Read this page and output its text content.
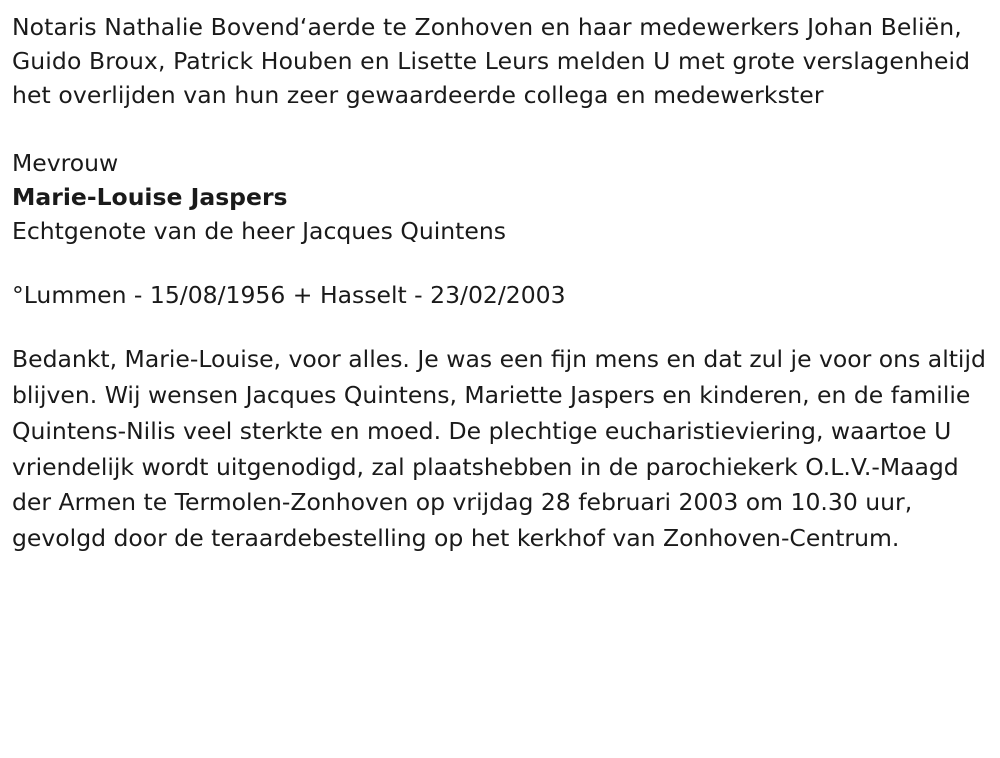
Notaris Nathalie Bovend‘aerde te Zonhoven en haar medewerkers Johan Beliën, Guido Broux, Patrick Houben en Lisette Leurs melden U met grote verslagenheid het overlijden van hun zeer gewaardeerde collega en medewerkster

Mevrouw

Marie-Louise Jaspers

Echtgenote van de heer Jacques Quintens

°Lummen - 15/08/1956 + Hasselt - 23/02/2003

Bedankt, Marie-Louise, voor alles. Je was een fijn mens en dat zul je voor ons altijd blijven. Wij wensen Jacques Quintens, Mariette Jaspers en kinderen, en de familie Quintens-Nilis veel sterkte en moed. De plechtige eucharistieviering, waartoe U vriendelijk wordt uitgenodigd, zal plaatshebben in de parochiekerk O.L.V.-Maagd der Armen te Termolen-Zonhoven op vrijdag 28 februari 2003 om 10.30 uur, gevolgd door de teraardebestelling op het kerkhof van Zonhoven-Centrum.
